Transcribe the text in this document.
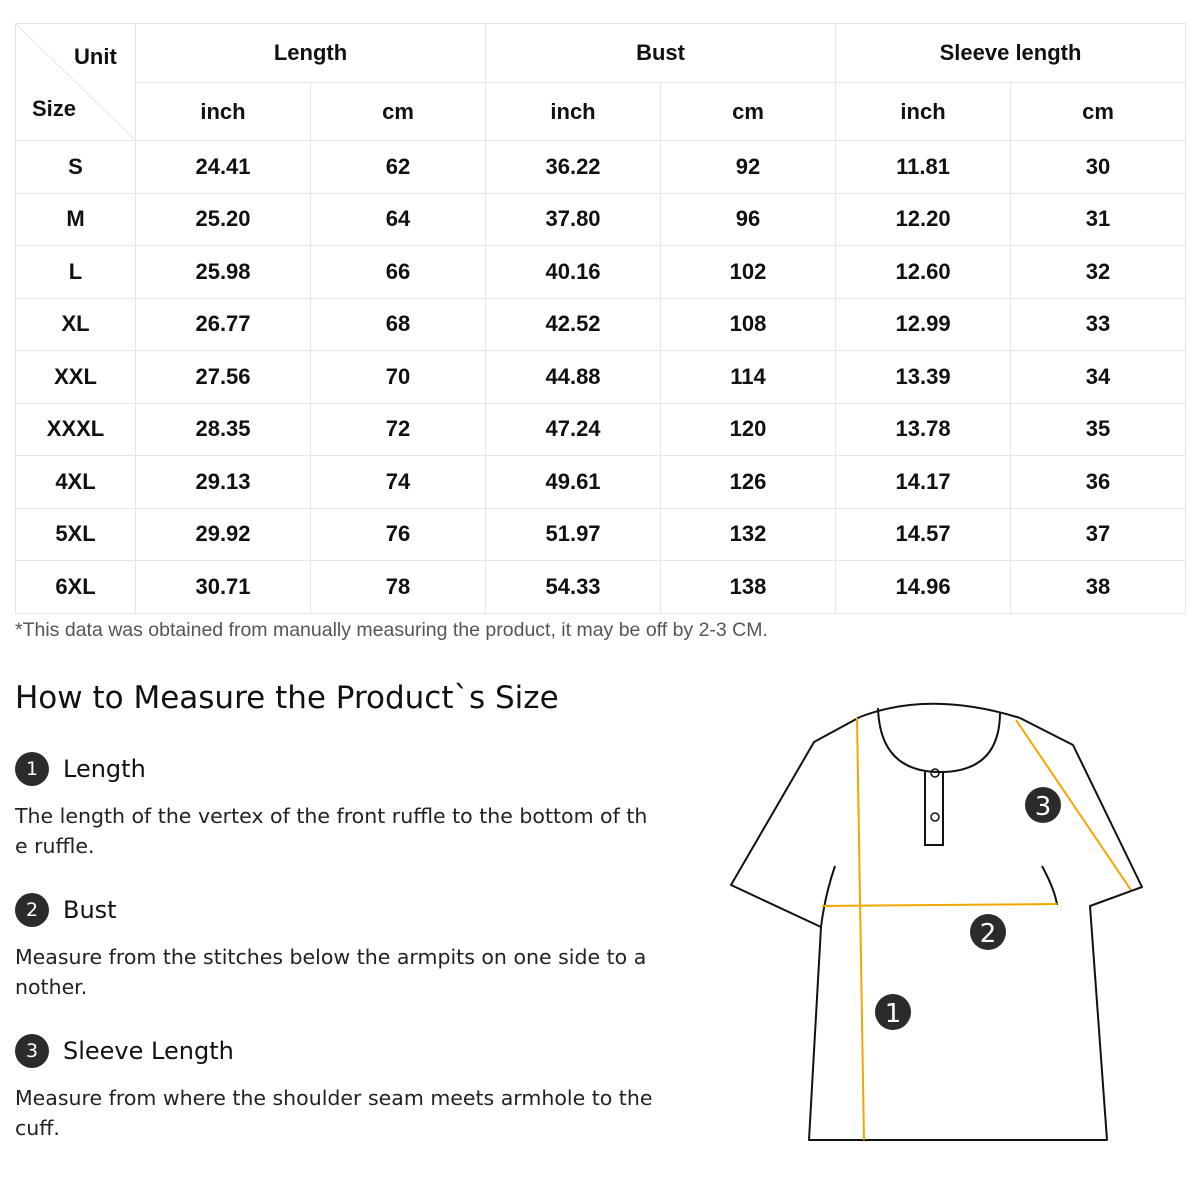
Unit
Size	Length		Bust		Sleeve length	
	inch	cm	inch	cm	inch	cm
S	24.41	62	36.22	92	11.81	30
M	25.20	64	37.80	96	12.20	31
L	25.98	66	40.16	102	12.60	32
XL	26.77	68	42.52	108	12.99	33
XXL	27.56	70	44.88	114	13.39	34
XXXL	28.35	72	47.24	120	13.78	35
4XL	29.13	74	49.61	126	14.17	36
5XL	29.92	76	51.97	132	14.57	37
6XL	30.71	78	54.33	138	14.96	38
*This data was obtained from manually measuring the product, it may be off by 2-3 CM.
How to Measure the Product`s Size
1	Length
The length of the vertex of the front ruffle to the bottom of the ruffle.
2	Bust
Measure from the stitches below the armpits on one side to another.
3	Sleeve Length
Measure from where the shoulder seam meets armhole to the cuff.
1
2
3
